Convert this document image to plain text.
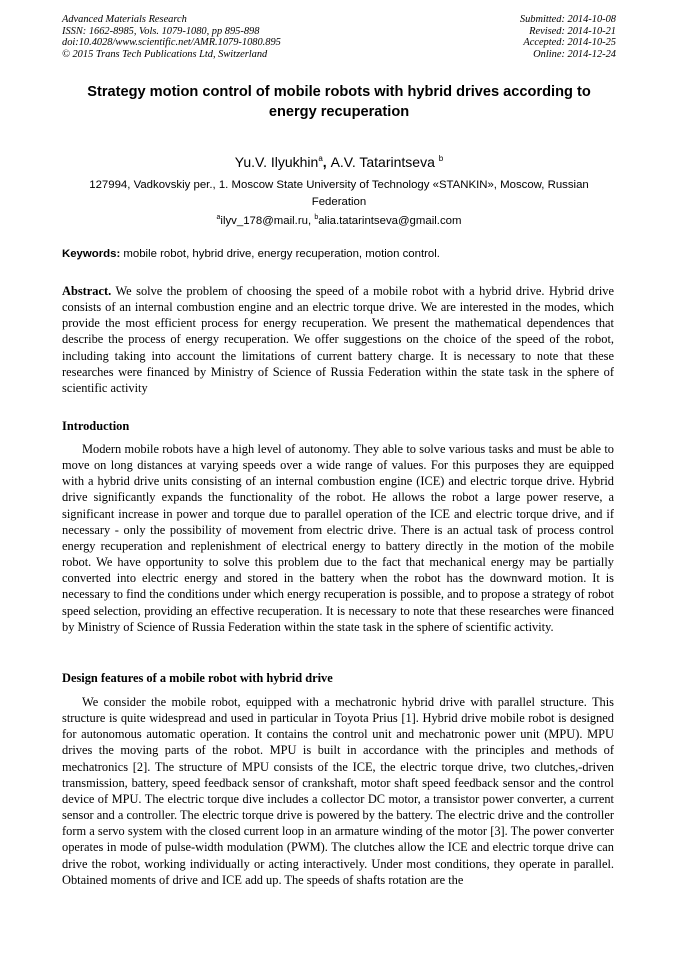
Advanced Materials Research
ISSN: 1662-8985, Vols. 1079-1080, pp 895-898
doi:10.4028/www.scientific.net/AMR.1079-1080.895
© 2015 Trans Tech Publications Ltd, Switzerland
Submitted: 2014-10-08
Revised: 2014-10-21
Accepted: 2014-10-25
Online: 2014-12-24
Strategy motion control of mobile robots with hybrid drives according to energy recuperation
Yu.V. Ilyukhin$^a$, A.V. Tatarintseva $^b$
127994, Vadkovskiy per., 1. Moscow State University of Technology «STANKIN», Moscow, Russian Federation
$^a$ilyv_178@mail.ru, $^b$alia.tatarintseva@gmail.com
Keywords: mobile robot, hybrid drive, energy recuperation, motion control.
Abstract. We solve the problem of choosing the speed of a mobile robot with a hybrid drive. Hybrid drive consists of an internal combustion engine and an electric torque drive. We are interested in the modes, which provide the most efficient process for energy recuperation. We present the mathematical dependences that describe the process of energy recuperation. We offer suggestions on the choice of the speed of the robot, including taking into account the limitations of current battery charge. It is necessary to note that these researches were financed by Ministry of Science of Russia Federation within the state task in the sphere of scientific activity
Introduction
Modern mobile robots have a high level of autonomy. They able to solve various tasks and must be able to move on long distances at varying speeds over a wide range of values. For this purposes they are equipped with a hybrid drive units consisting of an internal combustion engine (ICE) and electric torque drive. Hybrid drive significantly expands the functionality of the robot. He allows the robot a large power reserve, a significant increase in power and torque due to parallel operation of the ICE and electric torque drive, and if necessary - only the possibility of movement from electric drive. There is an actual task of process control energy recuperation and replenishment of electrical energy to battery directly in the motion of the mobile robot. We have opportunity to solve this problem due to the fact that mechanical energy may be partially converted into electric energy and stored in the battery when the robot has the downward motion. It is necessary to find the conditions under which energy recuperation is possible, and to propose a strategy of robot speed selection, providing an effective recuperation. It is necessary to note that these researches were financed by Ministry of Science of Russia Federation within the state task in the sphere of scientific activity.
Design features of a mobile robot with hybrid drive
We consider the mobile robot, equipped with a mechatronic hybrid drive with parallel structure. This structure is quite widespread and used in particular in Toyota Prius [1]. Hybrid drive mobile robot is designed for autonomous automatic operation. It contains the control unit and mechatronic power unit (MPU). MPU drives the moving parts of the robot. MPU is built in accordance with the principles and methods of mechatronics [2]. The structure of MPU consists of the ICE, the electric torque drive, two clutches,-driven transmission, battery, speed feedback sensor of crankshaft, motor shaft speed feedback sensor and the control device of MPU. The electric torque dive includes a collector DC motor, a transistor power converter, a current sensor and a controller. The electric torque drive is powered by the battery. The electric drive and the controller form a servo system with the closed current loop in an armature winding of the motor [3]. The power converter operates in mode of pulse-width modulation (PWM). The clutches allow the ICE and electric torque drive can drive the robot, working individually or acting interactively. Under most conditions, they operate in parallel. Obtained moments of drive and ICE add up. The speeds of shafts rotation are the
